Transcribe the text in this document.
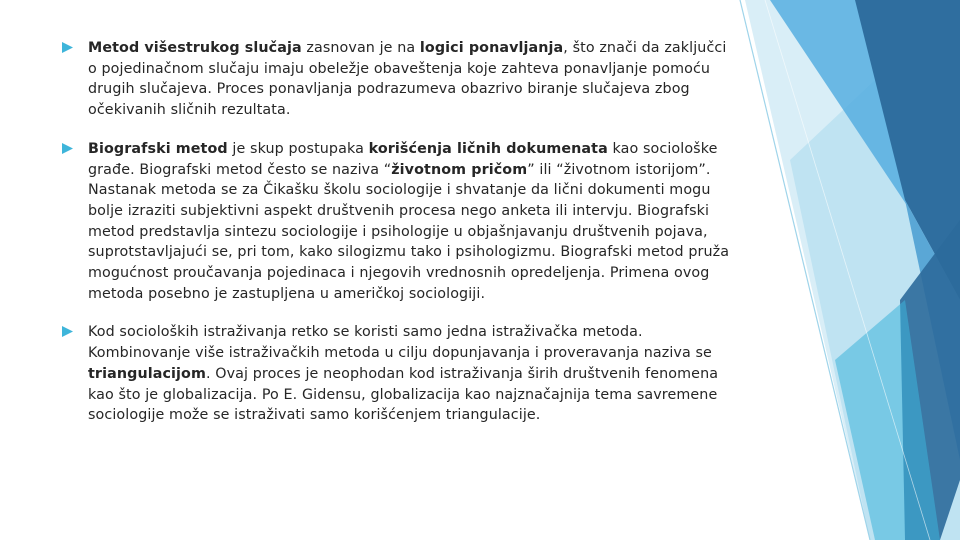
Metod višestrukog slučaja zasnovan je na logici ponavljanja, što znači da zaključci o pojedinačnom slučaju imaju obeležje obaveštenja koje zahteva ponavljanje pomoću drugih slučajeva. Proces ponavljanja podrazumeva obazrivo biranje slučajeva zbog očekivanih sličnih rezultata.
Biografski metod je skup postupaka korišćenja ličnih dokumenata kao sociološke građe. Biografski metod često se naziva “životnom pričom” ili “životnom istorijom”. Nastanak metoda se za Čikašku školu sociologije i shvatanje da lični dokumenti mogu bolje izraziti subjektivni aspekt društvenih procesa nego anketa ili intervju. Biografski metod predstavlja sintezu sociologije i psihologije u objašnjavanju društvenih pojava, suprotstavljajući se, pri tom, kako silogizmu tako i psihologizmu. Biografski metod pruža mogućnost proučavanja pojedinaca i njegovih vrednosnih opredeljenja. Primena ovog metoda posebno je zastupljena u američkoj sociologiji.
Kod socioloških istraživanja retko se koristi samo jedna istraživačka metoda. Kombinovanje više istraživačkih metoda u cilju dopunjavanja i proveravanja naziva se triangulacijom. Ovaj proces je neophodan kod istraživanja širih društvenih fenomena kao što je globalizacija. Po E. Gidensu, globalizacija kao najznačajnija tema savremene sociologije može se istraživati samo korišćenjem triangulacije.
